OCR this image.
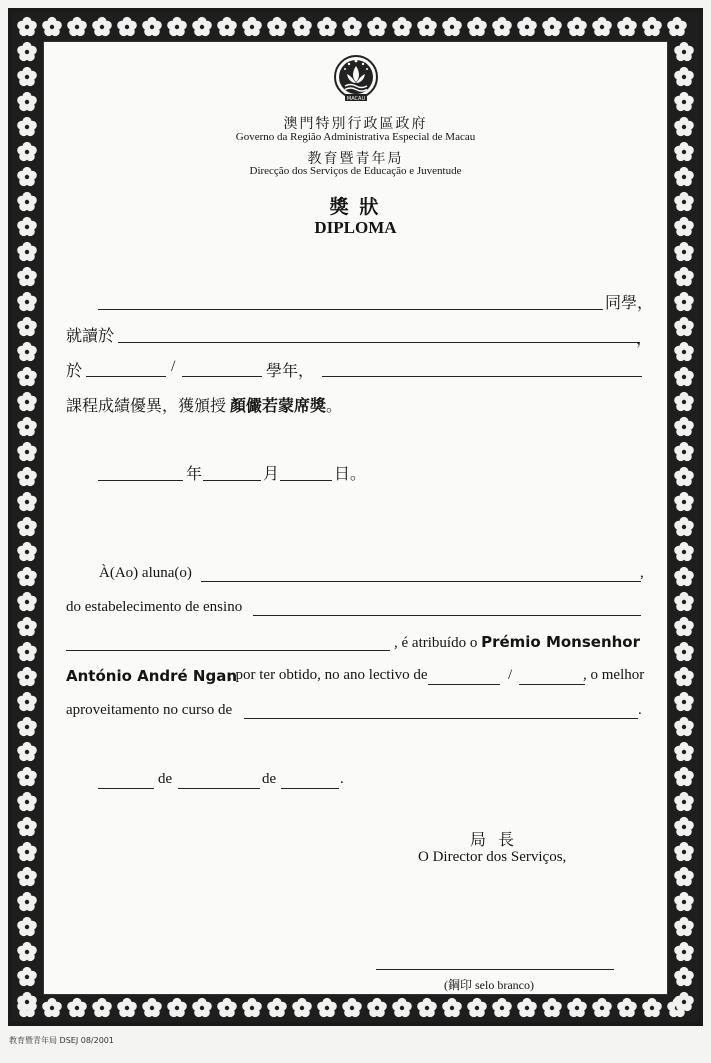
MACAU
澳門特別行政區政府
Governo da Região Administrativa Especial de Macau
教育暨青年局
Direcção dos Serviços de Educação e Juventude
獎 狀
DIPLOMA
同學，
就讀於	，
於	/	學年，
課程成績優異，獲頒授 顏儼若蒙席獎。
年	月	日。
À(Ao) aluna(o)	,
do estabelecimento de ensino
, é atribuído o Prémio Monsenhor
António André Ngan
, por ter obtido, no ano lectivo de	/	, o melhor
aproveitamento no curso de	.
de	de	.
局 長
O Director dos Serviços,
(鋼印 selo branco)
教育暨青年局 DSEJ 08/2001
